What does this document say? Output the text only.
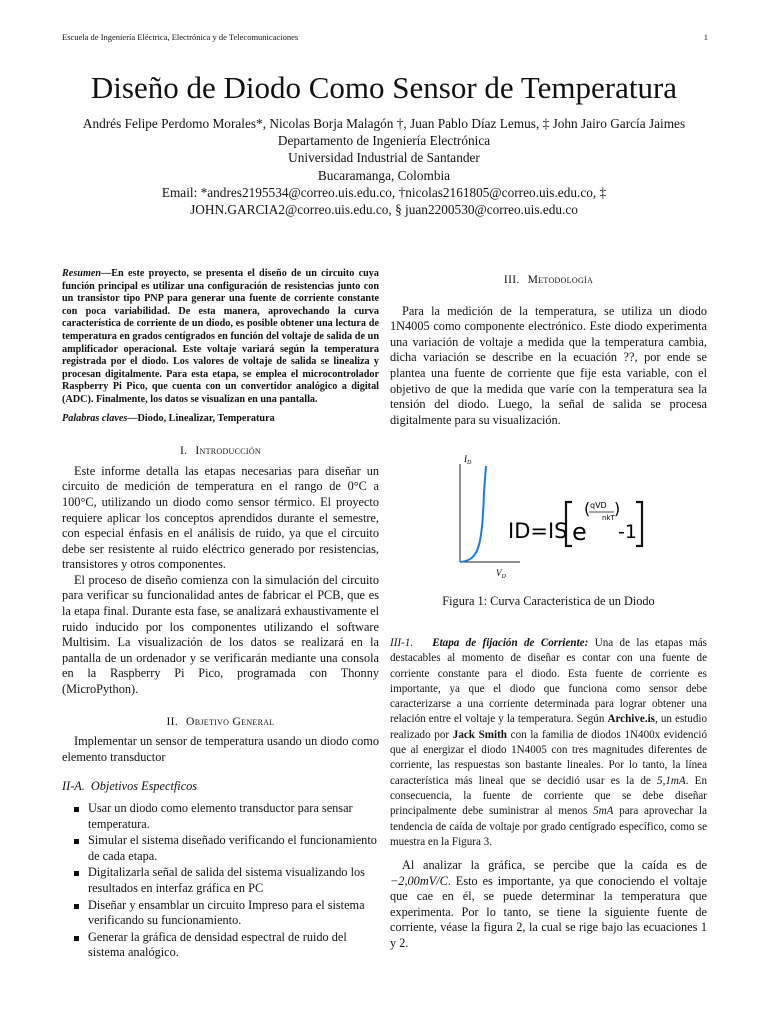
Escuela de Ingeniería Eléctrica, Electrónica y de Telecomunicaciones	1
Diseño de Diodo Como Sensor de Temperatura
Andrés Felipe Perdomo Morales*, Nicolas Borja Malagón †, Juan Pablo Díaz Lemus, ‡ John Jairo García Jaimes
Departamento de Ingeniería Electrónica
Universidad Industrial de Santander
Bucaramanga, Colombia
Email: *andres2195534@correo.uis.edu.co, †nicolas2161805@correo.uis.edu.co, ‡
JOHN.GARCIA2@correo.uis.edu.co, § juan2200530@correo.uis.edu.co
Resumen—En este proyecto, se presenta el diseño de un circuito cuya función principal es utilizar una configuración de resistencias junto con un transistor tipo PNP para generar una fuente de corriente constante con poca variabilidad. De esta manera, aprovechando la curva característica de corriente de un diodo, es posible obtener una lectura de temperatura en grados centígrados en función del voltaje de salida de un amplificador operacional. Este voltaje variará según la temperatura registrada por el diodo. Los valores de voltaje de salida se linealiza y procesan digitalmente. Para esta etapa, se emplea el microcontrolador Raspberry Pi Pico, que cuenta con un convertidor analógico a digital (ADC). Finalmente, los datos se visualizan en una pantalla.
Palabras claves—Diodo, Linealizar, Temperatura
I. Introducción

Este informe detalla las etapas necesarias para diseñar un circuito de medición de temperatura en el rango de 0°C a 100°C, utilizando un diodo como sensor térmico. El proyecto requiere aplicar los conceptos aprendidos durante el semestre, con especial énfasis en el análisis de ruido, ya que el circuito debe ser resistente al ruido eléctrico generado por resistencias, transistores y otros componentes.

El proceso de diseño comienza con la simulación del circuito para verificar su funcionalidad antes de fabricar el PCB, que es la etapa final. Durante esta fase, se analizará exhaustivamente el ruido inducido por los componentes utilizando el software Multisim. La visualización de los datos se realizará en la pantalla de un ordenador y se verificarán mediante una consola en la Raspberry Pi Pico, programada con Thonny (MicroPython).

II. Objetivo General

Implementar un sensor de temperatura usando un diodo como elemento transductor

II-A. Objetivos Espectficos
Usar un diodo como elemento transductor para sensar temperatura.
Simular el sistema diseñado verificando el funcionamiento de cada etapa.
Digitalizarla señal de salida del sistema visualizando los resultados en interfaz gráfica en PC
Diseñar y ensamblar un circuito Impreso para el sistema verificando su funcionamiento.
Generar la gráfica de densidad espectral de ruido del sistema analógico.
III. Metodología

Para la medición de la temperatura, se utiliza un diodo 1N4005 como componente electrónico. Este diodo experimenta una variación de voltaje a medida que la temperatura cambia, dicha variación se describe en la ecuación ??, por ende se plantea una fuente de corriente que fije esta variable, con el objetivo de que la medida que varíe con la temperatura sea la tensión del diodo. Luego, la señal de salida se procesa digitalmente para su visualización.

$I_D$
$V_D$
ID=IS e
( qVD
nkT )
-1
Figura 1: Curva Caracteristica de un Diodo

III-1. Etapa de fijación de Corriente: Una de las etapas más destacables al momento de diseñar es contar con una fuente de corriente constante para el diodo. Esta fuente de corriente es importante, ya que el diodo que funciona como sensor debe caracterizarse a una corriente determinada para lograr obtener una relación entre el voltaje y la temperatura. Según Archive.is, un estudio realizado por Jack Smith con la familia de diodos 1N400x evidenció que al energizar el diodo 1N4005 con tres magnitudes diferentes de corriente, las respuestas son bastante lineales. Por lo tanto, la línea característica más lineal que se decidió usar es la de 5,1mA. En consecuencia, la fuente de corriente que se debe diseñar principalmente debe suministrar al menos 5mA para aprovechar la tendencia de caída de voltaje por grado centígrado específico, como se muestra en la Figura 3.

Al analizar la gráfica, se percibe que la caída es de −2,00mV/C. Esto es importante, ya que conociendo el voltaje que cae en él, se puede determinar la temperatura que experimenta. Por lo tanto, se tiene la siguiente fuente de corriente, véase la figura 2, la cual se rige bajo las ecuaciones 1 y 2.
